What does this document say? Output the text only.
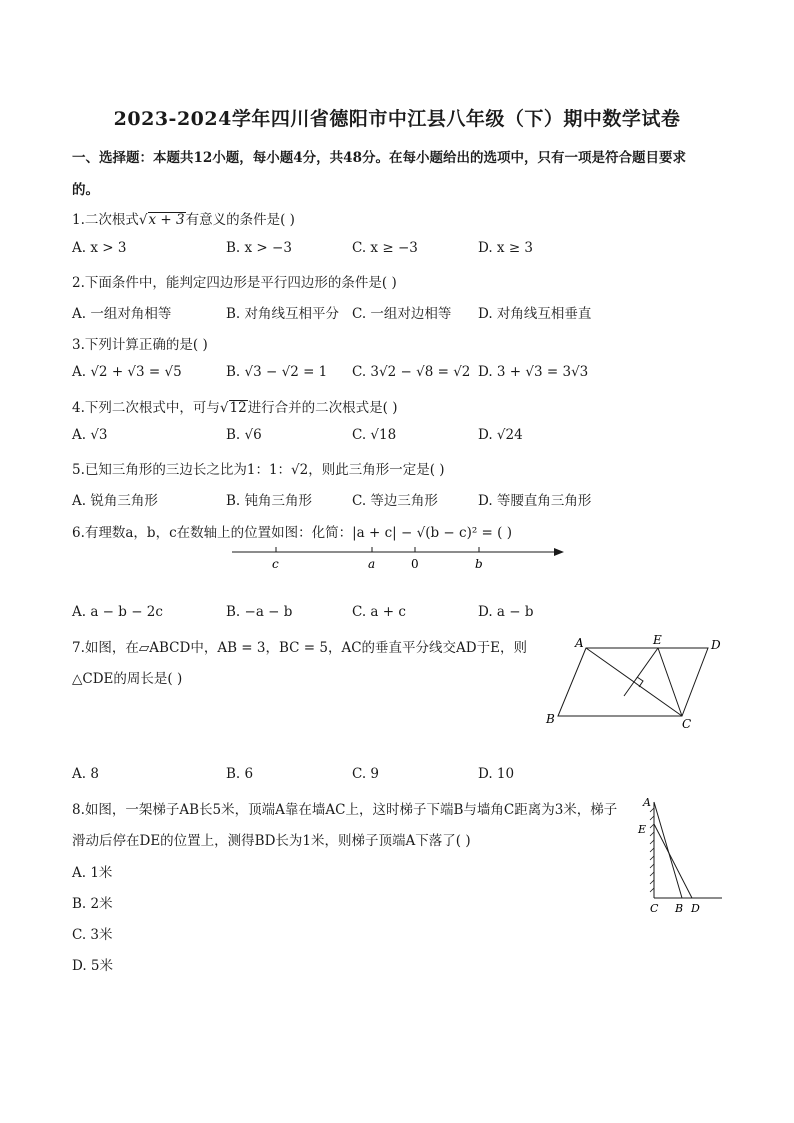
2023-2024学年四川省德阳市中江县八年级（下）期中数学试卷
一、选择题：本题共12小题，每小题4分，共48分。在每小题给出的选项中，只有一项是符合题目要求
的。
1.二次根式√x + 3有意义的条件是( )
A. x > 3	B. x > −3	C. x ≥ −3	D. x ≥ 3
2.下面条件中，能判定四边形是平行四边形的条件是( )
A. 一组对角相等	B. 对角线互相平分 C. 一组对边相等 D. 对角线互相垂直
3.下列计算正确的是( )
A. √2 + √3 = √5	B. √3 − √2 = 1 C. 3√2 − √8 = √2 D. 3 + √3 = 3√3
4.下列二次根式中，可与√12进行合并的二次根式是( )
A. √3	B. √6	C. √18	D. √24
5.已知三角形的三边长之比为1：1：√2，则此三角形一定是( )
A. 锐角三角形	B. 钝角三角形	C. 等边三角形	D. 等腰直角三角形
6.有理数a，b，c在数轴上的位置如图：化简：|a + c| − √(b − c)² = ( )
c	a	0	b
A. a − b − 2c	B. −a − b	C. a + c	D. a − b
7.如图，在▱ABCD中，AB = 3，BC = 5，AC的垂直平分线交AD于E，则
△CDE的周长是( )
A	E	D
B	C
A. 8	B. 6	C. 9	D. 10
8.如图，一架梯子AB长5米，顶端A靠在墙AC上，这时梯子下端B与墙角C距离为3米，梯子
滑动后停在DE的位置上，测得BD长为1米，则梯子顶端A下落了( )
A
E
C B D
A. 1米
B. 2米
C. 3米
D. 5米
